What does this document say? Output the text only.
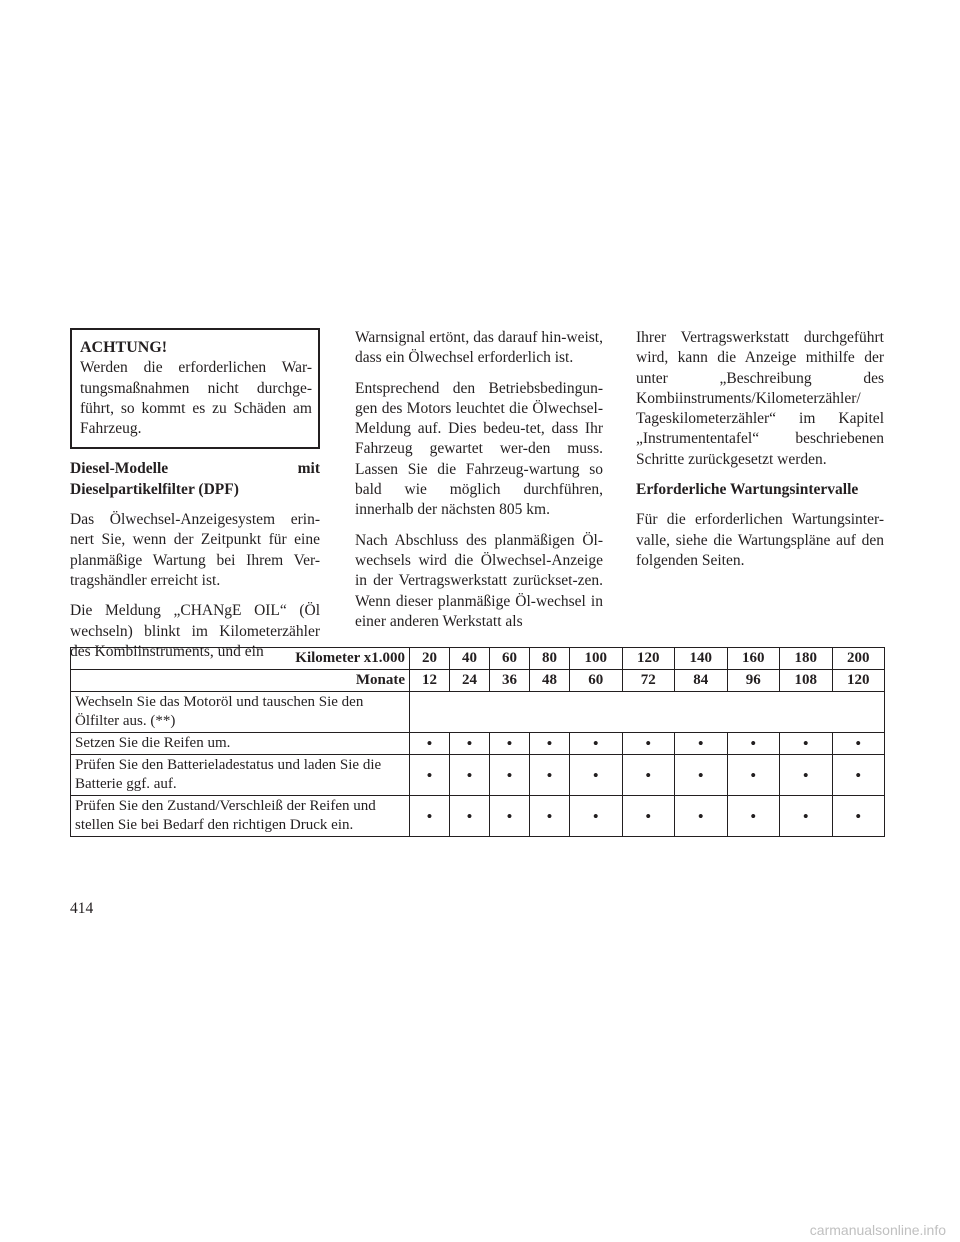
ACHTUNG!

Werden die erforderlichen War-tungsmaßnahmen nicht durchge-führt, so kommt es zu Schäden am Fahrzeug.

Diesel-Modelle mit Dieselpartikelfilter (DPF)

Das Ölwechsel-Anzeigesystem erin-nert Sie, wenn der Zeitpunkt für eine planmäßige Wartung bei Ihrem Ver-tragshändler erreicht ist.

Die Meldung „CHANgE OIL“ (Öl wechseln) blinkt im Kilometerzähler des Kombiinstruments, und ein

Warnsignal ertönt, das darauf hin-weist, dass ein Ölwechsel erforderlich ist.

Entsprechend den Betriebsbedingun-gen des Motors leuchtet die Ölwechsel-Meldung auf. Dies bedeu-tet, dass Ihr Fahrzeug gewartet wer-den muss. Lassen Sie die Fahrzeug-wartung so bald wie möglich durchführen, innerhalb der nächsten 805 km.

Nach Abschluss des planmäßigen Öl-wechsels wird die Ölwechsel-Anzeige in der Vertragswerkstatt zurückset-zen. Wenn dieser planmäßige Öl-wechsel in einer anderen Werkstatt als

Ihrer Vertragswerkstatt durchgeführt wird, kann die Anzeige mithilfe der unter „Beschreibung des Kombiinstruments/Kilometerzähler/ Tageskilometerzähler“ im Kapitel „Instrumententafel“ beschriebenen Schritte zurückgesetzt werden.

Erforderliche Wartungsintervalle

Für die erforderlichen Wartungsinter-valle, siehe die Wartungspläne auf den folgenden Seiten.

Kilometer x1.000	20	40	60	80	100	120	140	160	180	200
Monate	12	24	36	48	60	72	84	96	108	120
Wechseln Sie das Motoröl und tauschen Sie den Ölfilter aus. (**)										
Setzen Sie die Reifen um.	•	•	•	•	•	•	•	•	•	•
Prüfen Sie den Batterieladestatus und laden Sie die Batterie ggf. auf.	•	•	•	•	•	•	•	•	•	•
Prüfen Sie den Zustand/Verschleiß der Reifen und stellen Sie bei Bedarf den richtigen Druck ein.	•	•	•	•	•	•	•	•	•	•
414
carmanualsonline.info
